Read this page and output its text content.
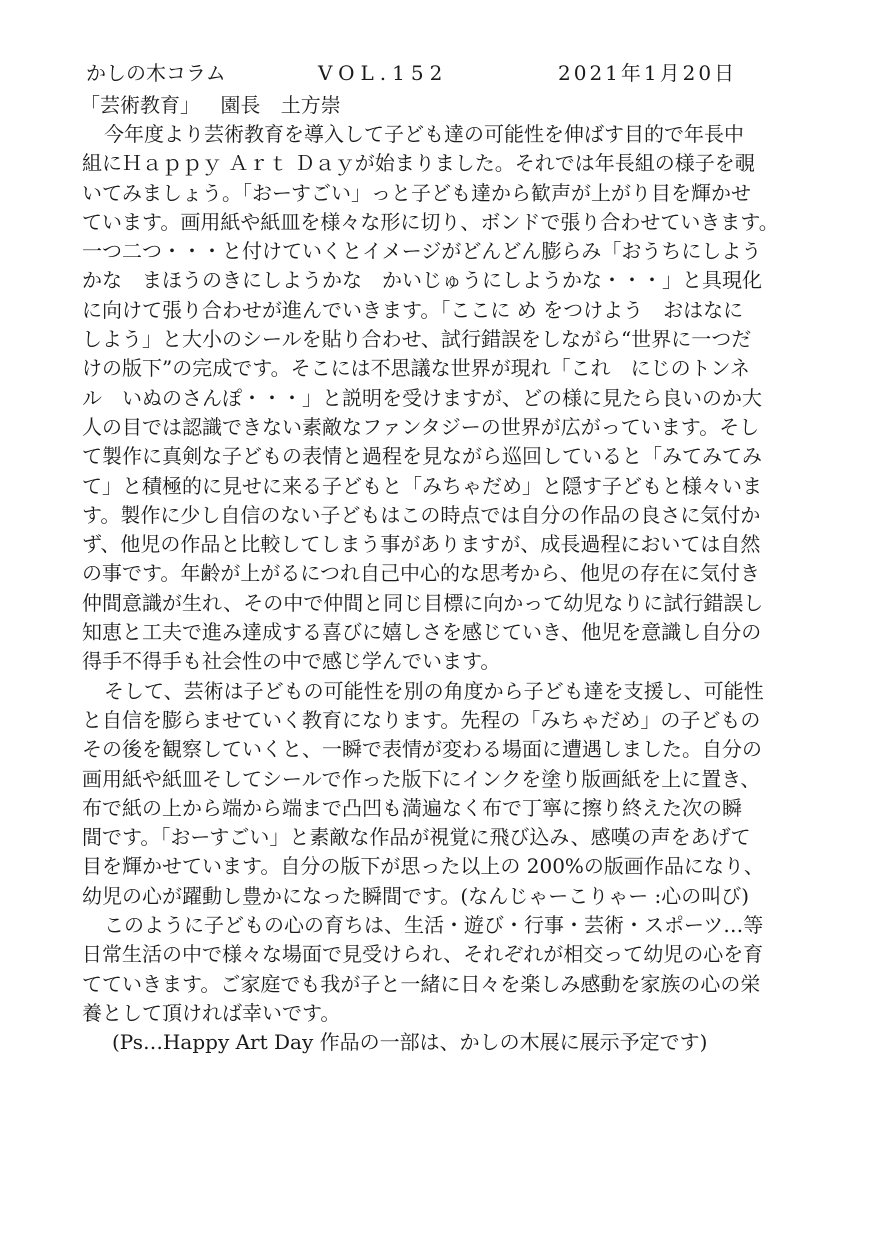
かしの木コラム	VOL.152	2021年1月20日
「芸術教育」 園長 土方崇
今年度より芸術教育を導入して子ども達の可能性を伸ばす目的で年長中
組にＨａｐｐｙ Ａｒｔ Ｄａｙが始まりました。それでは年長組の様子を覗
いてみましょう。「おーすごい」っと子ども達から歓声が上がり目を輝かせ
ています。画用紙や紙皿を様々な形に切り、ボンドで張り合わせていきます。
一つ二つ・・・と付けていくとイメージがどんどん膨らみ「おうちにしよう
かな　まほうのきにしようかな　かいじゅうにしようかな・・・」と具現化
に向けて張り合わせが進んでいきます。「ここに め をつけよう　おはなに
しよう」と大小のシールを貼り合わせ、試行錯誤をしながら“世界に一つだ
けの版下”の完成です。そこには不思議な世界が現れ「これ　にじのトンネ
ル　いぬのさんぽ・・・」と説明を受けますが、どの様に見たら良いのか大
人の目では認識できない素敵なファンタジーの世界が広がっています。そし
て製作に真剣な子どもの表情と過程を見ながら巡回していると「みてみてみ
て」と積極的に見せに来る子どもと「みちゃだめ」と隠す子どもと様々いま
す。製作に少し自信のない子どもはこの時点では自分の作品の良さに気付か
ず、他児の作品と比較してしまう事がありますが、成長過程においては自然
の事です。年齢が上がるにつれ自己中心的な思考から、他児の存在に気付き
仲間意識が生れ、その中で仲間と同じ目標に向かって幼児なりに試行錯誤し
知恵と工夫で進み達成する喜びに嬉しさを感じていき、他児を意識し自分の
得手不得手も社会性の中で感じ学んでいます。
そして、芸術は子どもの可能性を別の角度から子ども達を支援し、可能性
と自信を膨らませていく教育になります。先程の「みちゃだめ」の子どもの
その後を観察していくと、一瞬で表情が変わる場面に遭遇しました。自分の
画用紙や紙皿そしてシールで作った版下にインクを塗り版画紙を上に置き、
布で紙の上から端から端まで凸凹も満遍なく布で丁寧に擦り終えた次の瞬
間です。「おーすごい」と素敵な作品が視覚に飛び込み、感嘆の声をあげて
目を輝かせています。自分の版下が思った以上の 200%の版画作品になり、
幼児の心が躍動し豊かになった瞬間です。(なんじゃーこりゃー :心の叫び)
このように子どもの心の育ちは、生活・遊び・行事・芸術・スポーツ…等
日常生活の中で様々な場面で見受けられ、それぞれが相交って幼児の心を育
てていきます。ご家庭でも我が子と一緒に日々を楽しみ感動を家族の心の栄
養として頂ければ幸いです。
(Ps…Happy Art Day 作品の一部は、かしの木展に展示予定です)
